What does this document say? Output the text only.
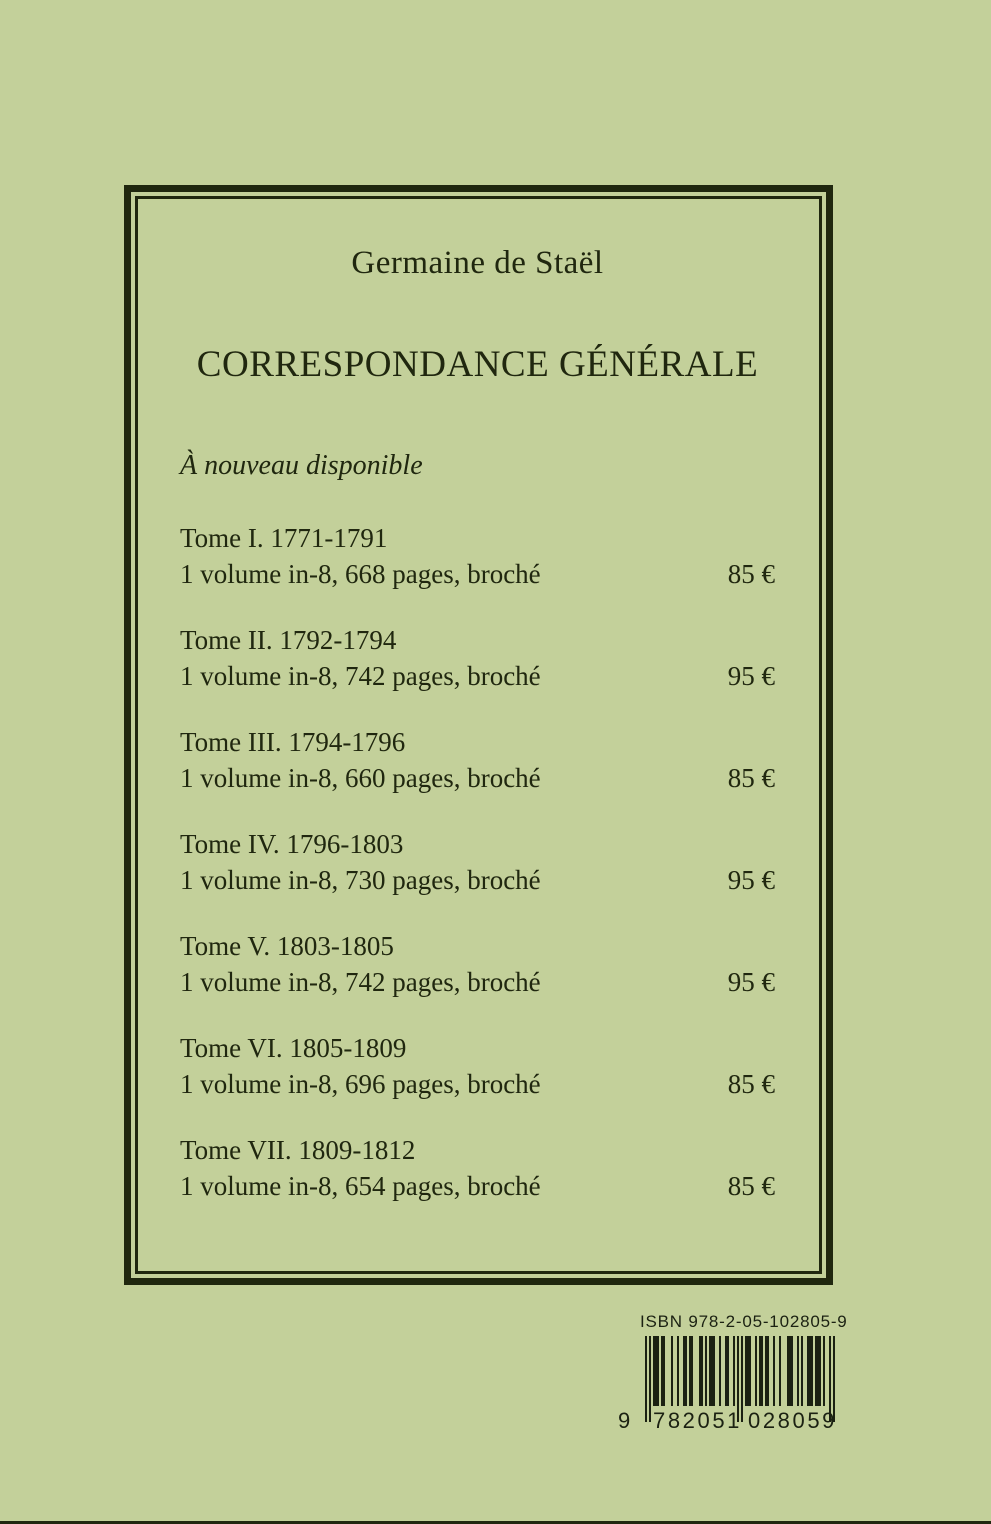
Germaine de Staël
CORRESPONDANCE GÉNÉRALE
À nouveau disponible
Tome I. 1771-1791
1 volume in-8, 668 pages, broché	85 €
Tome II. 1792-1794
1 volume in-8, 742 pages, broché	95 €
Tome III. 1794-1796
1 volume in-8, 660 pages, broché	85 €
Tome IV. 1796-1803
1 volume in-8, 730 pages, broché	95 €
Tome V. 1803-1805
1 volume in-8, 742 pages, broché	95 €
Tome VI. 1805-1809
1 volume in-8, 696 pages, broché	85 €
Tome VII. 1809-1812
1 volume in-8, 654 pages, broché	85 €
ISBN 978-2-05-102805-9
9 782051 028059
